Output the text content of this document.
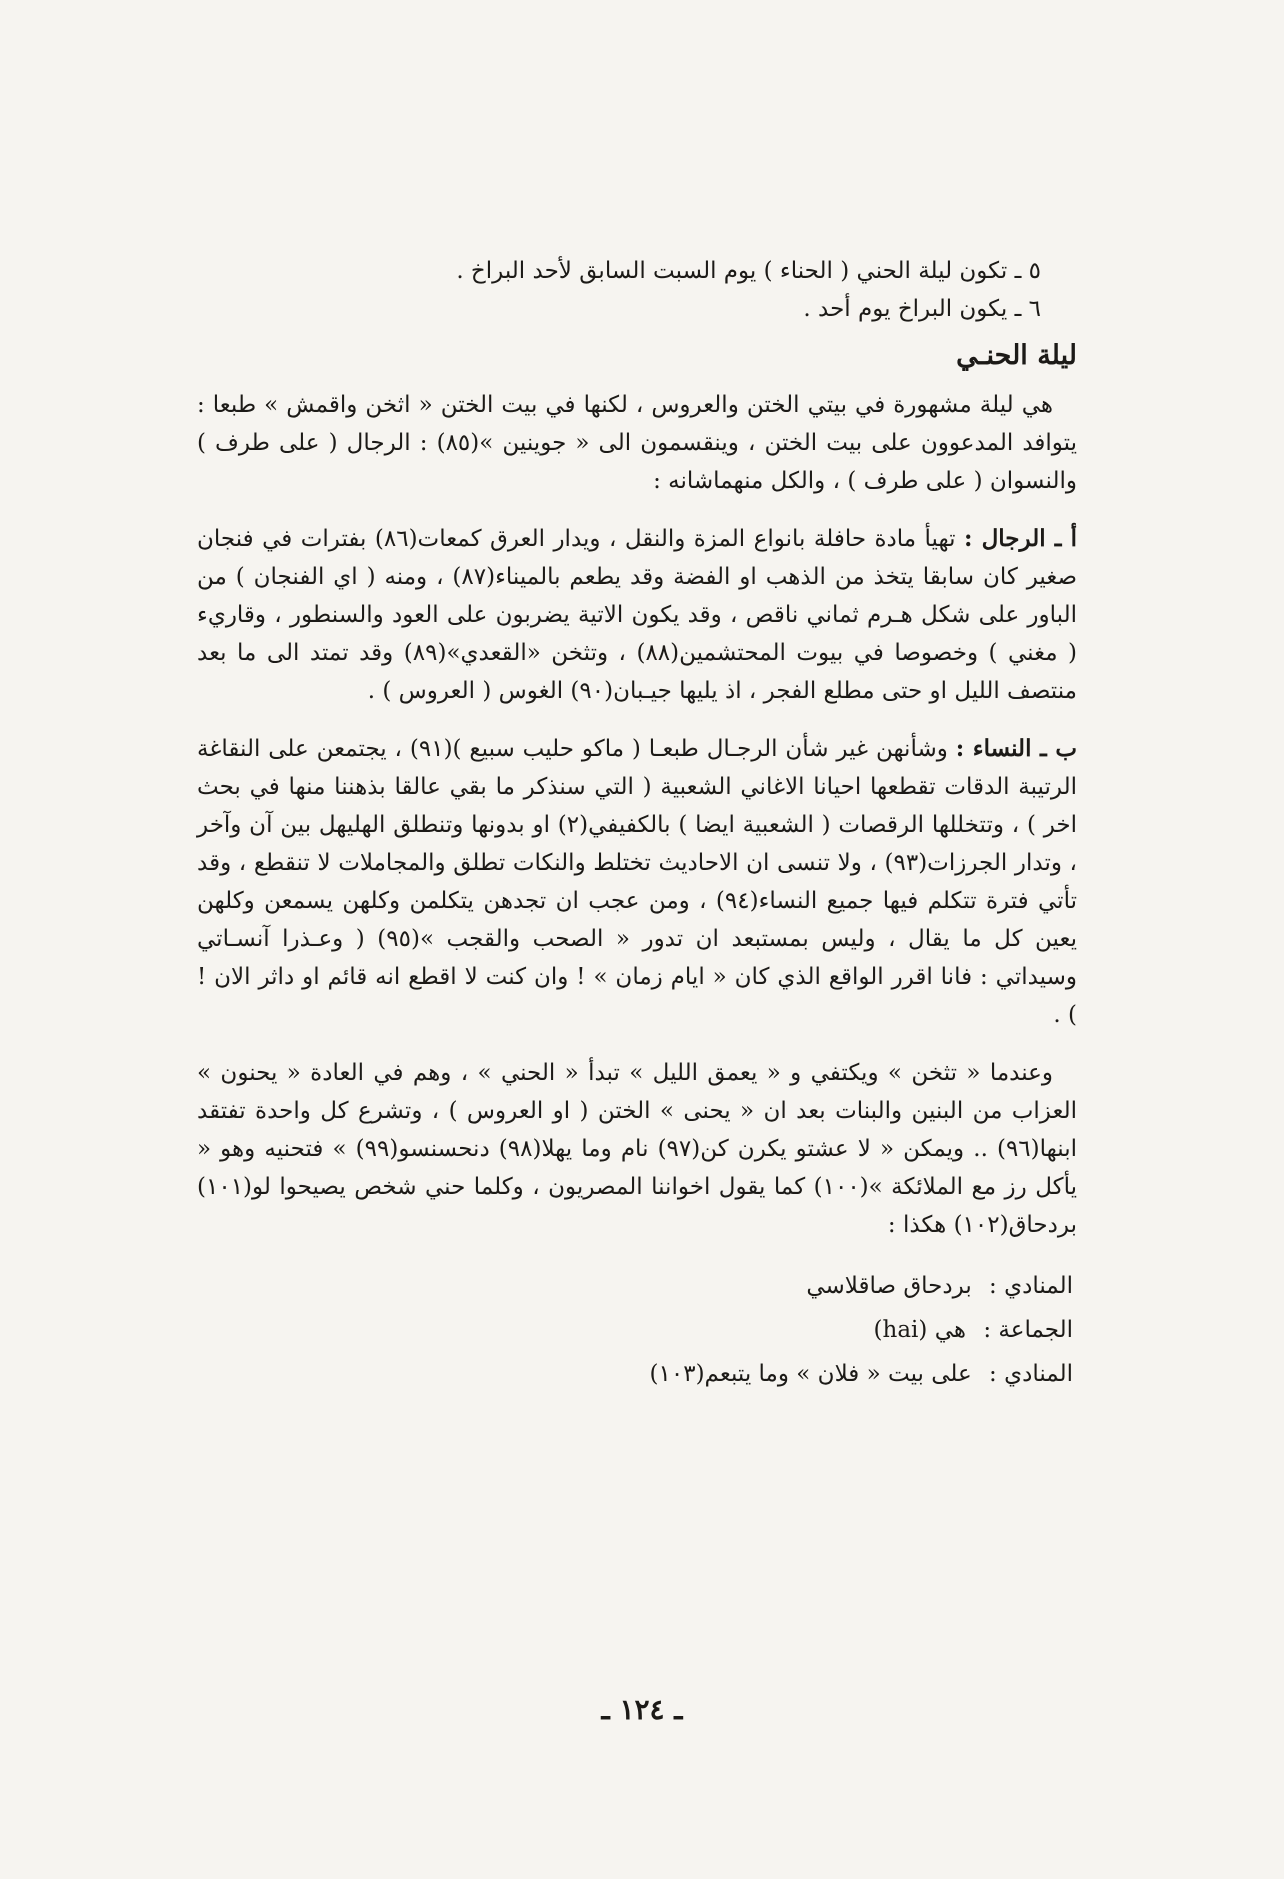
٥ ـ تكون ليلة الحني ( الحناء ) يوم السبت السابق لأحد البراخ .
٦ ـ يكون البراخ يوم أحد .
ليلة الحنـي

هي ليلة مشهورة في بيتي الختن والعروس ، لكنها في بيت الختن « اثخن واقمش » طبعا : يتوافد المدعوون على بيت الختن ، وينقسمون الى « جوينين »(٨٥) : الرجال ( على طرف ) والنسوان ( على طرف ) ، والكل منهماشانه :

أ ـ الرجال : تهيأ مادة حافلة بانواع المزة والنقل ، ويدار العرق كمعات(٨٦) بفترات في فنجان صغير كان سابقا يتخذ من الذهب او الفضة وقد يطعم بالميناء(٨٧) ، ومنه ( اي الفنجان ) من الباور على شكل هـرم ثماني ناقص ، وقد يكون الاتية يضربون على العود والسنطور ، وقاريء ( مغني ) وخصوصا في بيوت المحتشمين(٨٨) ، وتثخن «القعدي»(٨٩) وقد تمتد الى ما بعد منتصف الليل او حتى مطلع الفجر ، اذ يليها جيـبان(٩٠) الغوس ( العروس ) .

ب ـ النساء : وشأنهن غير شأن الرجـال طبعـا ( ماكو حليب سبيع )(٩١) ، يجتمعن على النقاغة الرتيبة الدقات تقطعها احيانا الاغاني الشعبية ( التي سنذكر ما بقي عالقا بذهننا منها في بحث اخر ) ، وتتخللها الرقصات ( الشعبية ايضا ) بالكفيفي(٢) او بدونها وتنطلق الهليهل بين آن وآخر ، وتدار الجرزات(٩٣) ، ولا تنسى ان الاحاديث تختلط والنكات تطلق والمجاملات لا تنقطع ، وقد تأتي فترة تتكلم فيها جميع النساء(٩٤) ، ومن عجب ان تجدهن يتكلمن وكلهن يسمعن وكلهن يعين كل ما يقال ، وليس بمستبعد ان تدور « الصحب والقجب »(٩٥) ( وعـذرا آنسـاتي وسيداتي : فانا اقرر الواقع الذي كان « ايام زمان » ! وان كنت لا اقطع انه قائم او داثر الان ! ) .

وعندما « تثخن » ويكتفي و « يعمق الليل » تبدأ « الحني » ، وهم في العادة « يحنون » العزاب من البنين والبنات بعد ان « يحنى » الختن ( او العروس ) ، وتشرع كل واحدة تفتقد ابنها(٩٦) .. ويمكن « لا عشتو يكرن كن(٩٧) نام وما يهلا(٩٨) دنحسنسو(٩٩) » فتحنيه وهو « يأكل رز مع الملائكة »(١٠٠) كما يقول اخواننا المصريون ، وكلما حني شخص يصيحوا لو(١٠١) بردحاق(١٠٢) هكذا :

المنادي : بردحاق صاقلاسي
الجماعة : هي (hai)
المنادي : على بيت « فلان » وما يتبعم(١٠٣)
ـ ١٢٤ ـ
